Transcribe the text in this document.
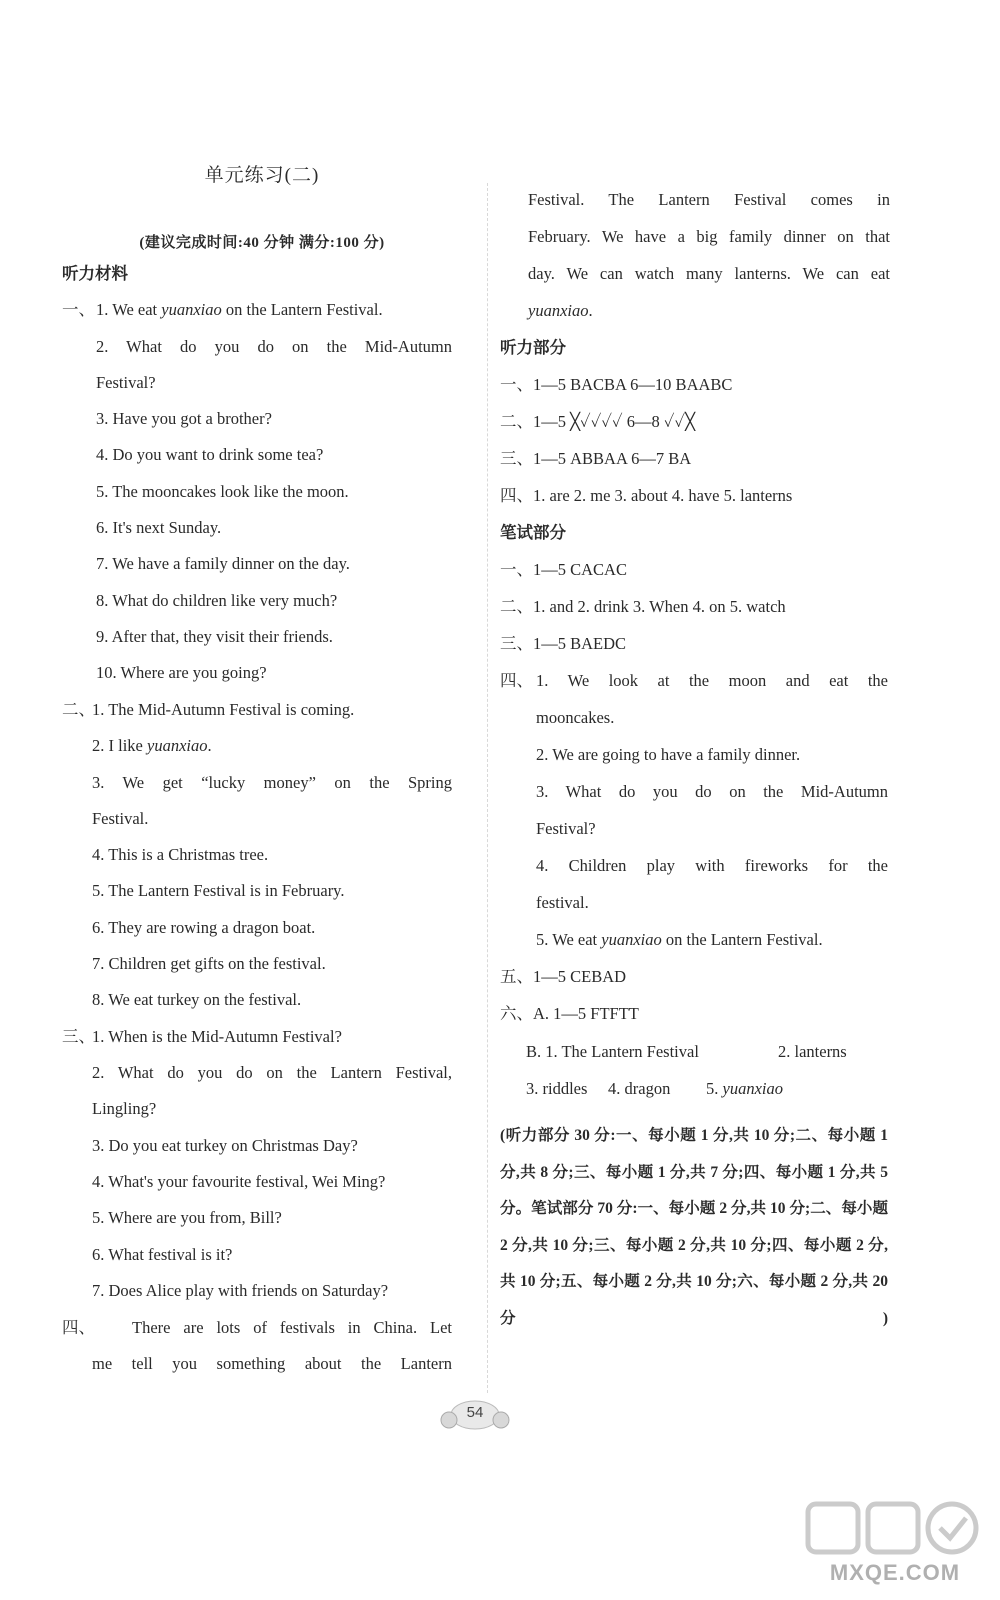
单元练习(二)
(建议完成时间:40 分钟 满分:100 分)
听力材料
一、 1. We eat yuanxiao on the Lantern Festival.
2. What do you do on the Mid-Autumn
Festival?
3. Have you got a brother?
4. Do you want to drink some tea?
5. The mooncakes look like the moon.
6. It's next Sunday.
7. We have a family dinner on the day.
8. What do children like very much?
9. After that, they visit their friends.
10. Where are you going?
二、
1. The Mid-Autumn Festival is coming.
2. I like yuanxiao.
3. We get “lucky money” on the Spring
Festival.
4. This is a Christmas tree.
5. The Lantern Festival is in February.
6. They are rowing a dragon boat.
7. Children get gifts on the festival.
8. We eat turkey on the festival.
三、
1. When is the Mid-Autumn Festival?
2. What do you do on the Lantern Festival,
Lingling?
3. Do you eat turkey on Christmas Day?
4. What's your favourite festival, Wei Ming?
5. Where are you from, Bill?
6. What festival is it?
7. Does Alice play with friends on Saturday?
四、 There are lots of festivals in China. Let
me tell you something about the Lantern
Festival. The Lantern Festival comes in
February. We have a big family dinner on that
day. We can watch many lanterns. We can eat
yuanxiao.
听力部分
一、1—5 BACBA 6—10 BAABC
二、1—5 ╳✓✓✓✓ 6—8 ✓✓╳
三、1—5 ABBAA 6—7 BA
四、1. are 2. me 3. about 4. have 5. lanterns
笔试部分
一、1—5 CACAC
二、1. and 2. drink 3. When 4. on 5. watch
三、1—5 BAEDC
四、 1. We look at the moon and eat the
mooncakes.
2. We are going to have a family dinner.
3. What do you do on the Mid-Autumn
Festival?
4. Children play with fireworks for the
festival.
5. We eat yuanxiao on the Lantern Festival.
五、1—5 CEBAD
六、A. 1—5 FTFTT
B. 1. The Lantern Festival	2. lanterns
3. riddles 4. dragon 5. yuanxiao
(听力部分 30 分:一、每小题 1 分,共 10 分;二、每小题 1 分,共 8 分;三、每小题 1 分,共 7 分;四、每小题 1 分,共 5 分。笔试部分 70 分:一、每小题 2 分,共 10 分;二、每小题 2 分,共 10 分;三、每小题 2 分,共 10 分;四、每小题 2 分,共 10 分;五、每小题 2 分,共 10 分;六、每小题 2 分,共 20 分)
54
MXQE.COM
